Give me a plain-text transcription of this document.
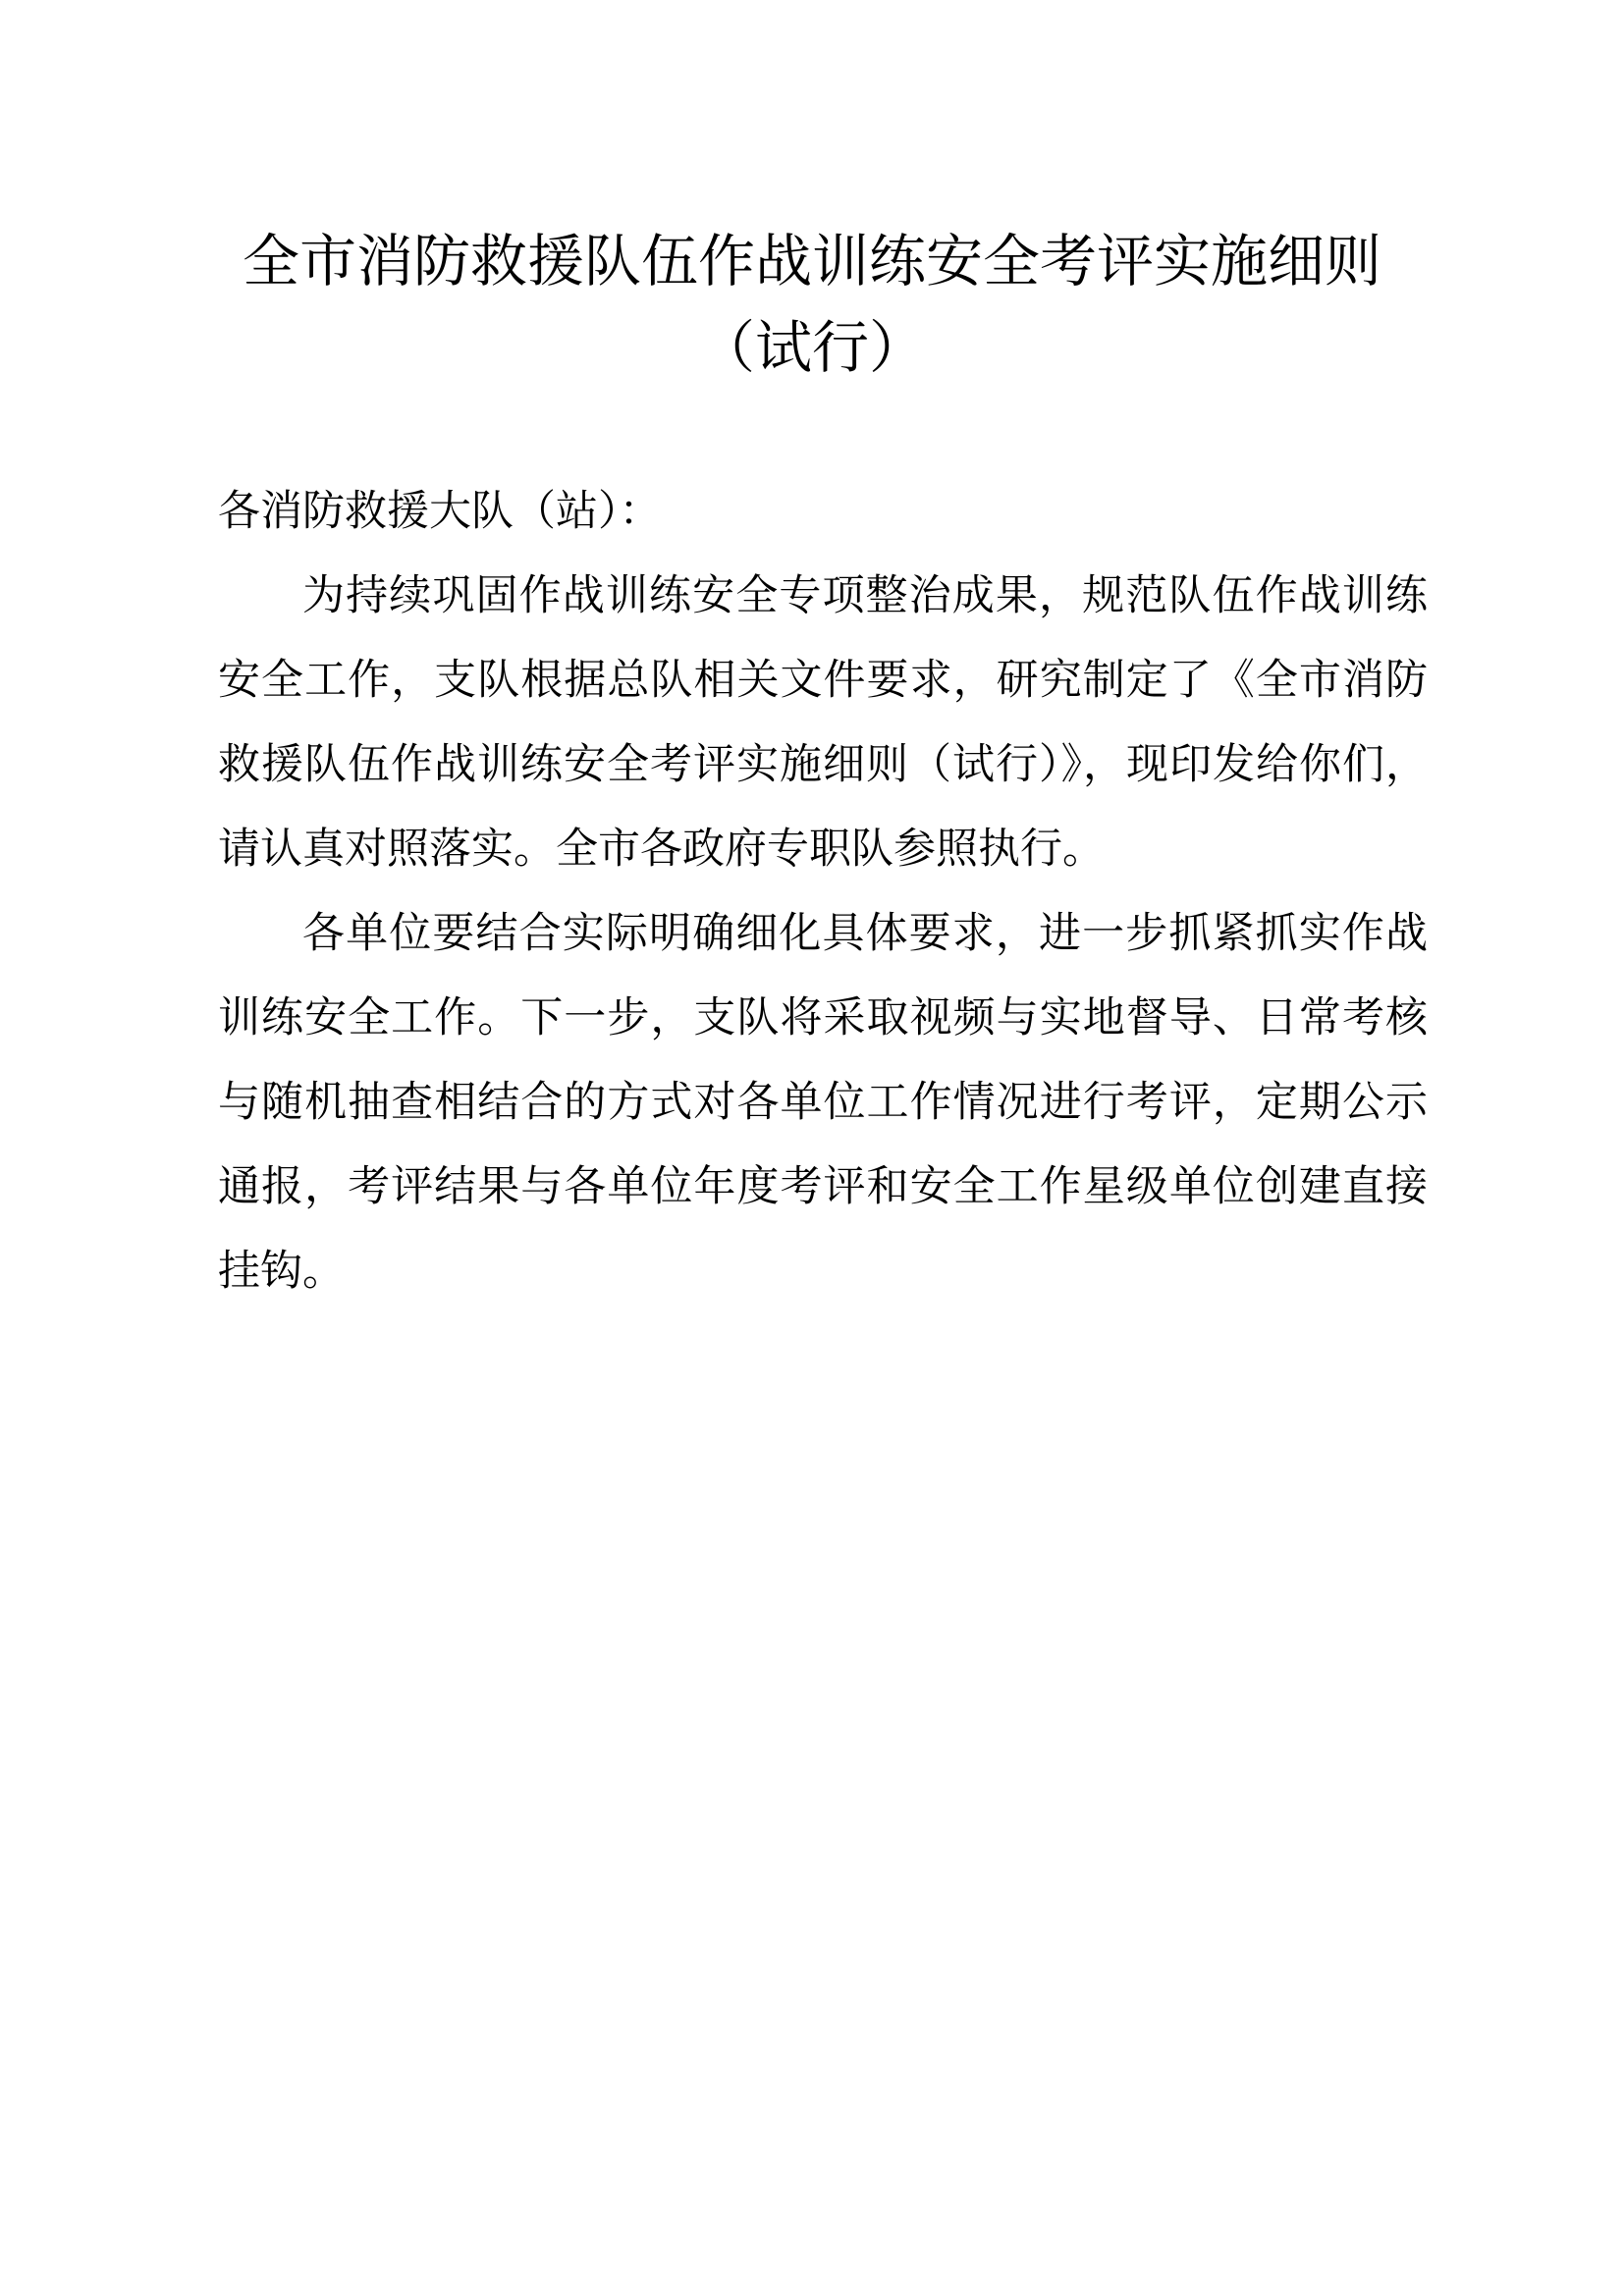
全市消防救援队伍作战训练安全考评实施细则
（试行）

各消防救援大队（站）：

为持续巩固作战训练安全专项整治成果，规范队伍作战训练安全工作，支队根据总队相关文件要求，研究制定了《全市消防救援队伍作战训练安全考评实施细则（试行）》，现印发给你们，请认真对照落实。全市各政府专职队参照执行。

各单位要结合实际明确细化具体要求，进一步抓紧抓实作战训练安全工作。下一步，支队将采取视频与实地督导、日常考核与随机抽查相结合的方式对各单位工作情况进行考评，定期公示通报，考评结果与各单位年度考评和安全工作星级单位创建直接挂钩。
